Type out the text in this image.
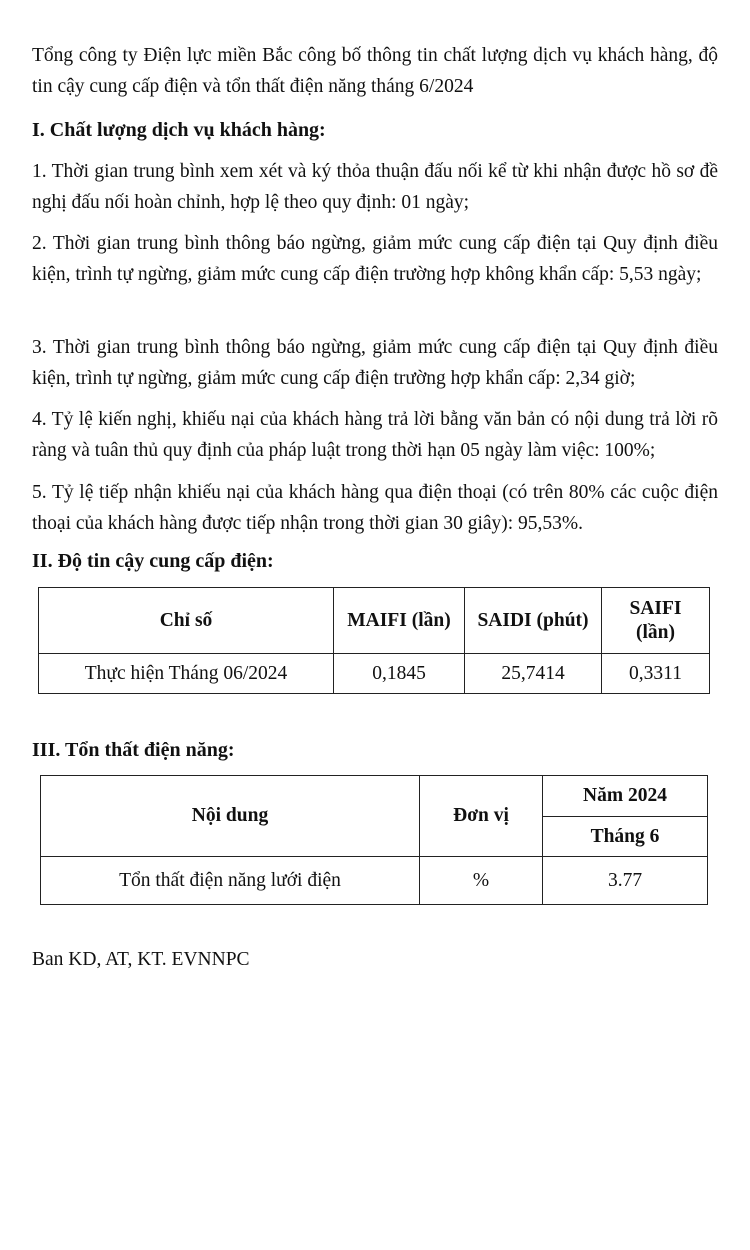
Tổng công ty Điện lực miền Bắc công bố thông tin chất lượng dịch vụ khách hàng, độ tin cậy cung cấp điện và tổn thất điện năng tháng 6/2024

I. Chất lượng dịch vụ khách hàng:

1. Thời gian trung bình xem xét và ký thỏa thuận đấu nối kể từ khi nhận được hồ sơ đề nghị đấu nối hoàn chỉnh, hợp lệ theo quy định: 01 ngày;

2. Thời gian trung bình thông báo ngừng, giảm mức cung cấp điện tại Quy định điều kiện, trình tự ngừng, giảm mức cung cấp điện trường hợp không khẩn cấp: 5,53 ngày;

3. Thời gian trung bình thông báo ngừng, giảm mức cung cấp điện tại Quy định điều kiện, trình tự ngừng, giảm mức cung cấp điện trường hợp khẩn cấp: 2,34 giờ;

4. Tỷ lệ kiến nghị, khiếu nại của khách hàng trả lời bằng văn bản có nội dung trả lời rõ ràng và tuân thủ quy định của pháp luật trong thời hạn 05 ngày làm việc: 100%;

5. Tỷ lệ tiếp nhận khiếu nại của khách hàng qua điện thoại (có trên 80% các cuộc điện thoại của khách hàng được tiếp nhận trong thời gian 30 giây): 95,53%.

II. Độ tin cậy cung cấp điện:

Chỉ số	MAIFI (lần)	SAIDI (phút)	SAIFI (lần)

Thực hiện Tháng 06/2024	0,1845	25,7414	0,3311

III. Tổn thất điện năng:

Nội dung	Đơn vị	Năm 2024
		Tháng 6
Tổn thất điện năng lưới điện	%	3.77

Ban KD, AT, KT. EVNNPC
